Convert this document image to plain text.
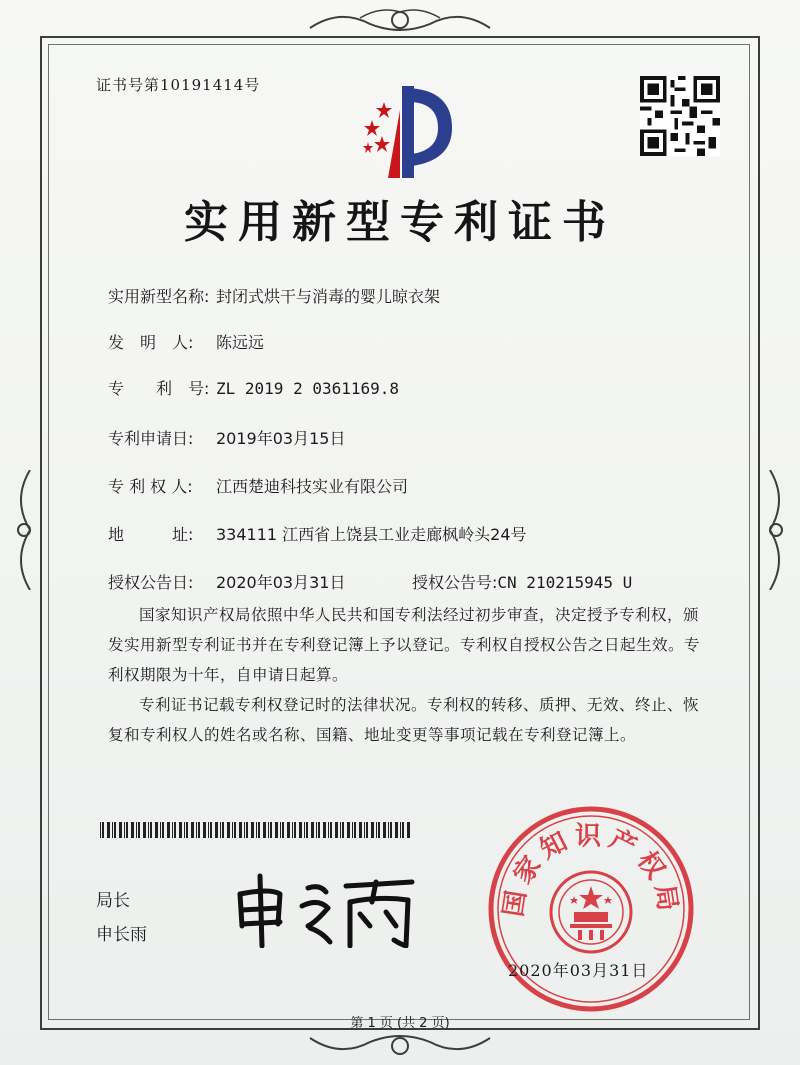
证书号第10191414号
实用新型专利证书
实用新型名称: 封闭式烘干与消毒的婴儿晾衣架
发　明　人: 陈远远
专　　利　号: ZL 2019 2 0361169.8
专利申请日: 2019年03月15日
专 利 权 人: 江西楚迪科技实业有限公司
地　　　址: 334111 江西省上饶县工业走廊枫岭头24号
授权公告日: 2020年03月31日	授权公告号:CN 210215945 U
国家知识产权局依照中华人民共和国专利法经过初步审查，决定授予专利权，颁发实用新型专利证书并在专利登记簿上予以登记。专利权自授权公告之日起生效。专利权期限为十年，自申请日起算。
专利证书记载专利权登记时的法律状况。专利权的转移、质押、无效、终止、恢复和专利权人的姓名或名称、国籍、地址变更等事项记载在专利登记簿上。
局长
申长雨
国家知识产权局
2020年03月31日
第 1 页 (共 2 页)
